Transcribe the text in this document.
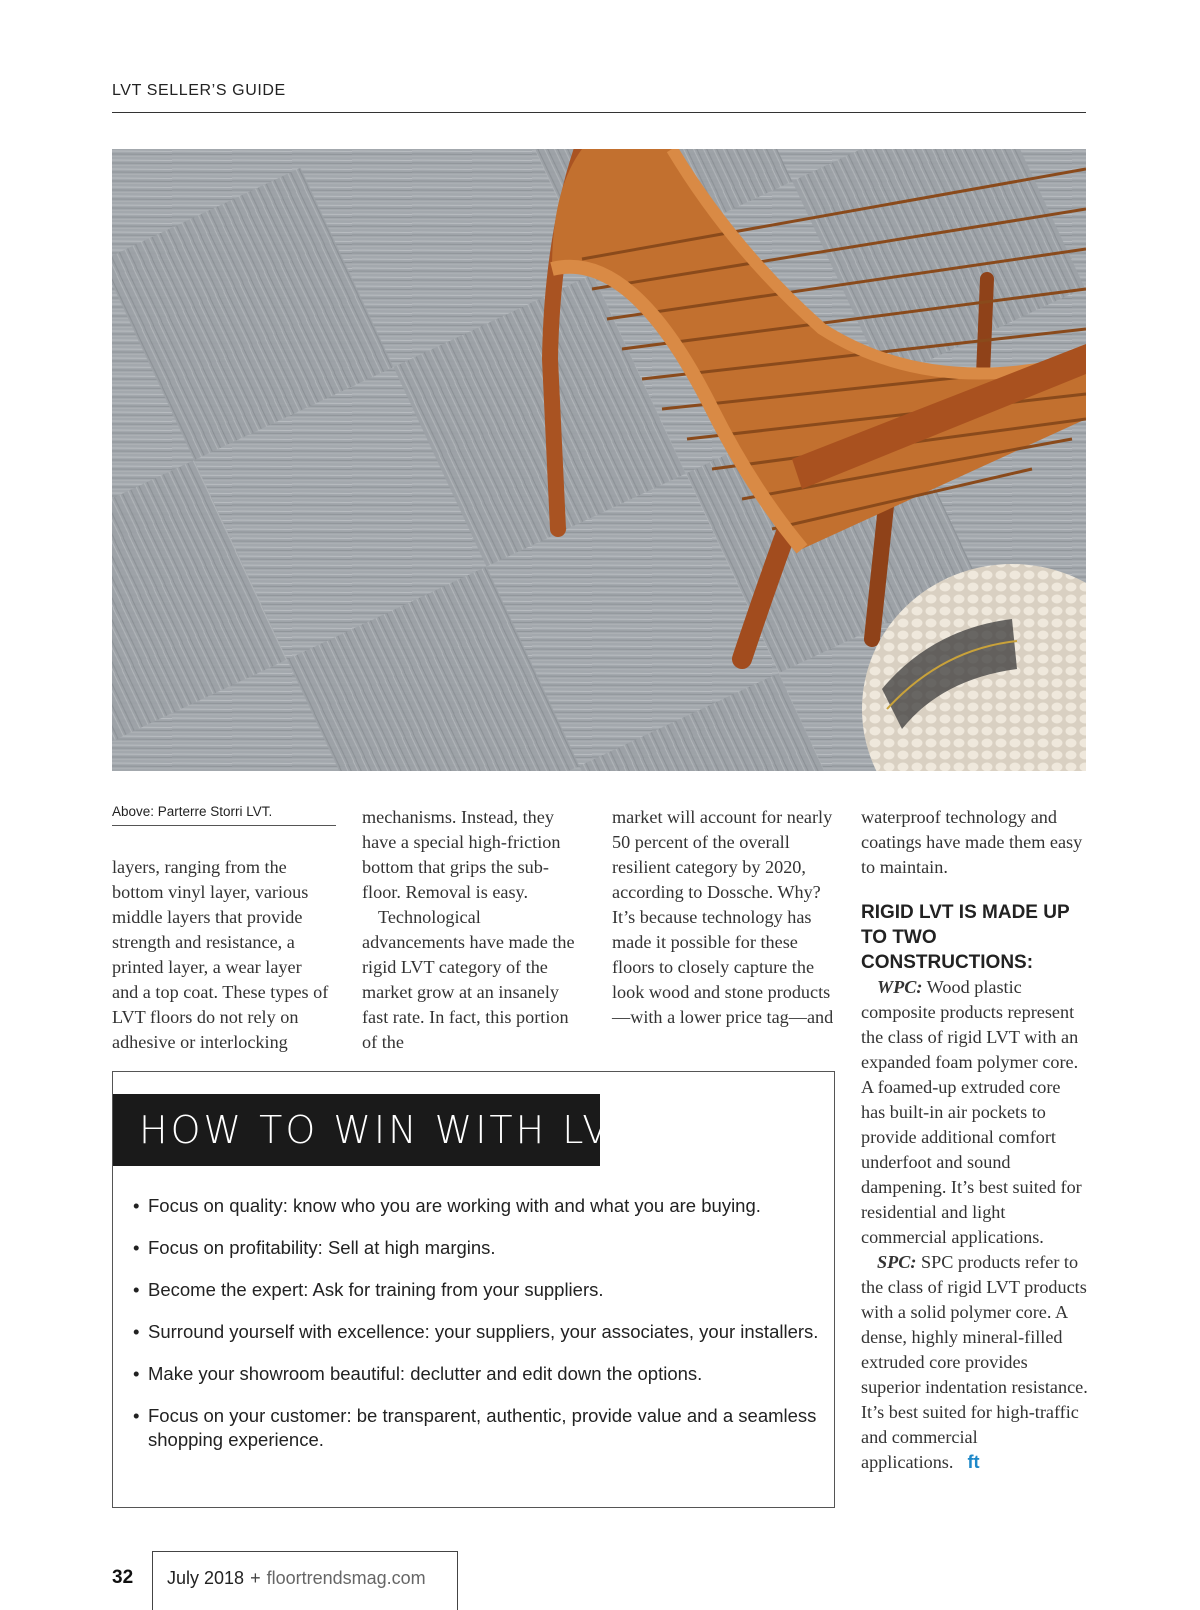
LVT SELLER’S GUIDE
Above: Parterre Storri LVT.

layers, ranging from the bottom vinyl layer, various middle layers that provide strength and resistance, a printed layer, a wear layer and a top coat. These types of LVT floors do not rely on adhesive or interlocking

mechanisms. Instead, they have a special high-friction bottom that grips the sub-floor. Removal is easy.

Technological advancements have made the rigid LVT category of the market grow at an insanely fast rate. In fact, this portion of the

market will account for nearly 50 percent of the overall resilient category by 2020, according to Dossche. Why? It’s because technology has made it possible for these floors to closely capture the look wood and stone products—with a lower price tag—and

waterproof technology and coatings have made them easy to maintain.

RIGID LVT IS MADE UP TO TWO CONSTRUCTIONS:

WPC: Wood plastic composite products represent the class of rigid LVT with an expanded foam polymer core. A foamed-up extruded core has built-in air pockets to provide additional comfort underfoot and sound dampening. It’s best suited for residential and light commercial applications.

SPC: SPC products refer to the class of rigid LVT products with a solid polymer core. A dense, highly mineral-filled extruded core provides superior indentation resistance. It’s best suited for high-traffic and commercial applications. ft

HOW TO WIN WITH LVT
• Focus on quality: know who you are working with and what you are buying.
• Focus on profitability: Sell at high margins.
• Become the expert: Ask for training from your suppliers.
• Surround yourself with excellence: your suppliers, your associates, your installers.
• Make your showroom beautiful: declutter and edit down the options.
• Focus on your customer: be transparent, authentic, provide value and a seamless shopping experience.
32 July 2018 + floortrendsmag.com
